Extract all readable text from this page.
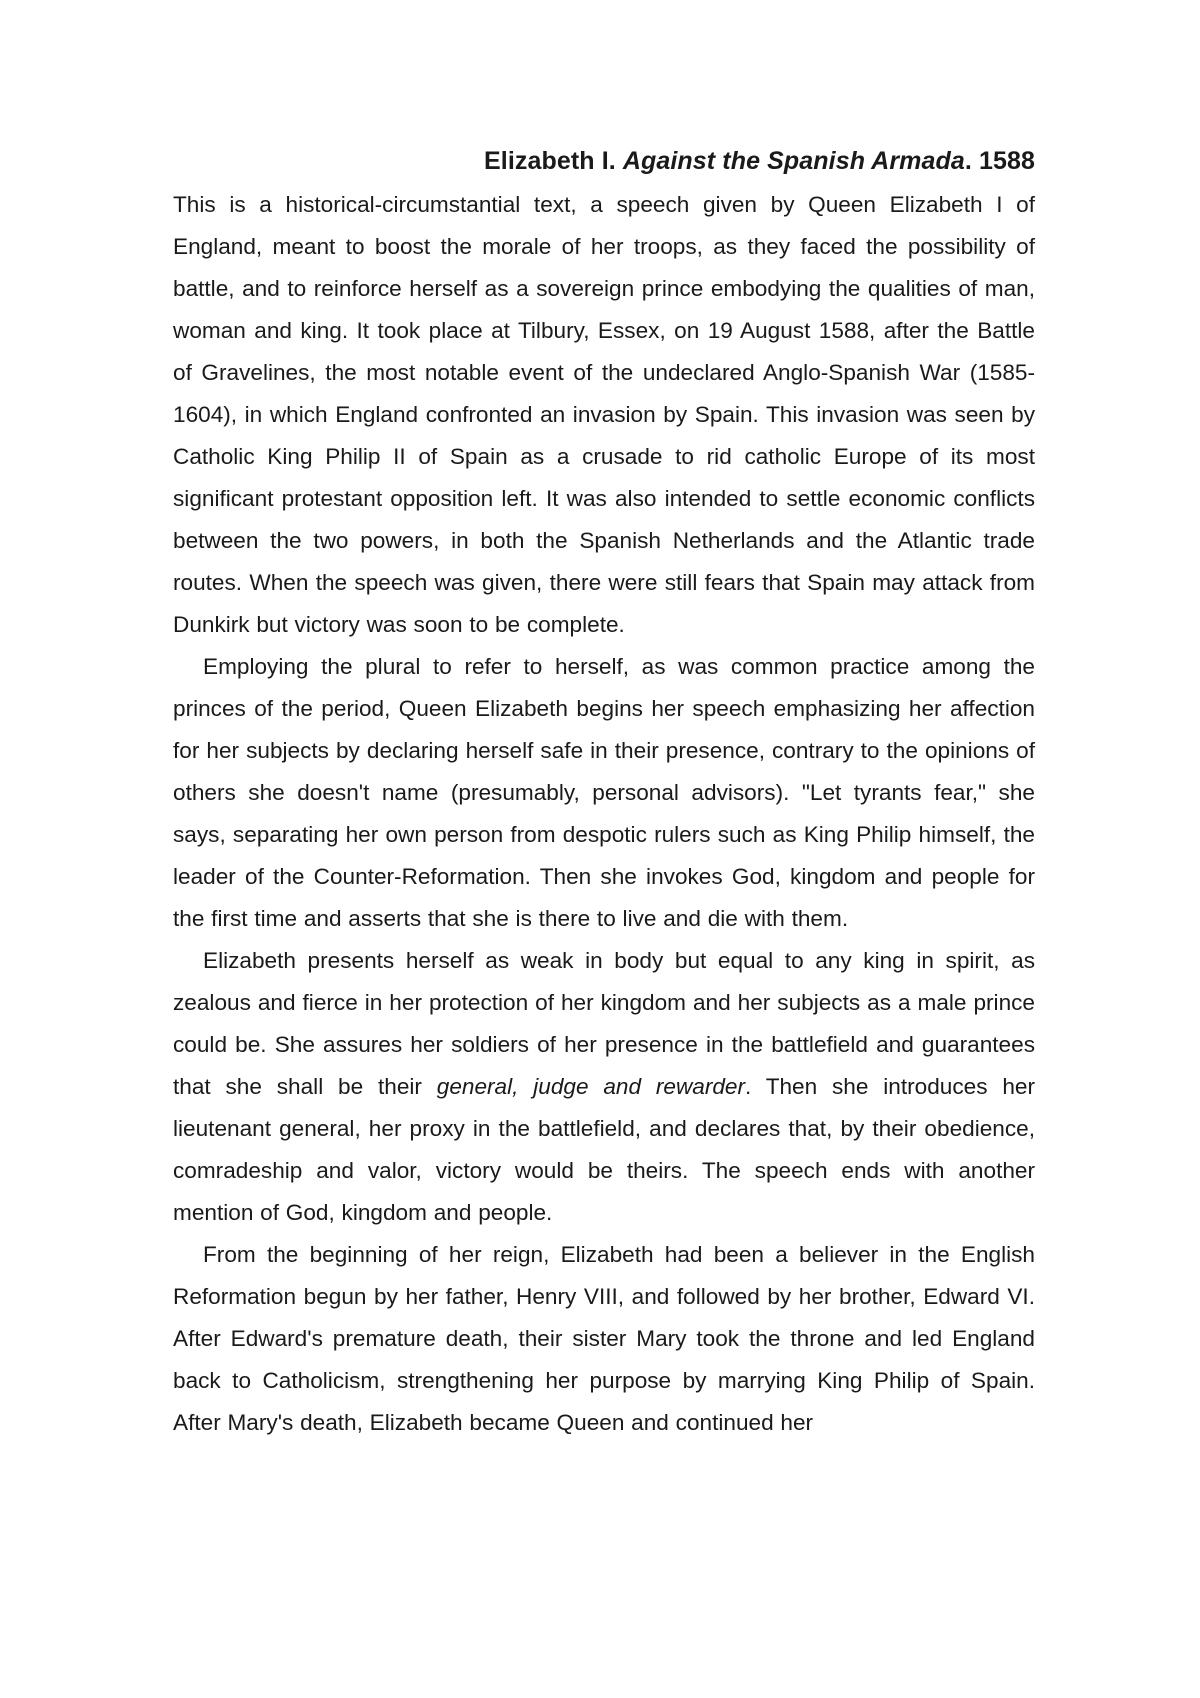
Elizabeth I. Against the Spanish Armada. 1588

This is a historical-circumstantial text, a speech given by Queen Elizabeth I of England, meant to boost the morale of her troops, as they faced the possibility of battle, and to reinforce herself as a sovereign prince embodying the qualities of man, woman and king. It took place at Tilbury, Essex, on 19 August 1588, after the Battle of Gravelines, the most notable event of the undeclared Anglo-Spanish War (1585-1604), in which England confronted an invasion by Spain. This invasion was seen by Catholic King Philip II of Spain as a crusade to rid catholic Europe of its most significant protestant opposition left. It was also intended to settle economic conflicts between the two powers, in both the Spanish Netherlands and the Atlantic trade routes. When the speech was given, there were still fears that Spain may attack from Dunkirk but victory was soon to be complete.

Employing the plural to refer to herself, as was common practice among the princes of the period, Queen Elizabeth begins her speech emphasizing her affection for her subjects by declaring herself safe in their presence, contrary to the opinions of others she doesn't name (presumably, personal advisors). "Let tyrants fear," she says, separating her own person from despotic rulers such as King Philip himself, the leader of the Counter-Reformation. Then she invokes God, kingdom and people for the first time and asserts that she is there to live and die with them.

Elizabeth presents herself as weak in body but equal to any king in spirit, as zealous and fierce in her protection of her kingdom and her subjects as a male prince could be. She assures her soldiers of her presence in the battlefield and guarantees that she shall be their general, judge and rewarder. Then she introduces her lieutenant general, her proxy in the battlefield, and declares that, by their obedience, comradeship and valor, victory would be theirs. The speech ends with another mention of God, kingdom and people.

From the beginning of her reign, Elizabeth had been a believer in the English Reformation begun by her father, Henry VIII, and followed by her brother, Edward VI. After Edward's premature death, their sister Mary took the throne and led England back to Catholicism, strengthening her purpose by marrying King Philip of Spain. After Mary's death, Elizabeth became Queen and continued her
